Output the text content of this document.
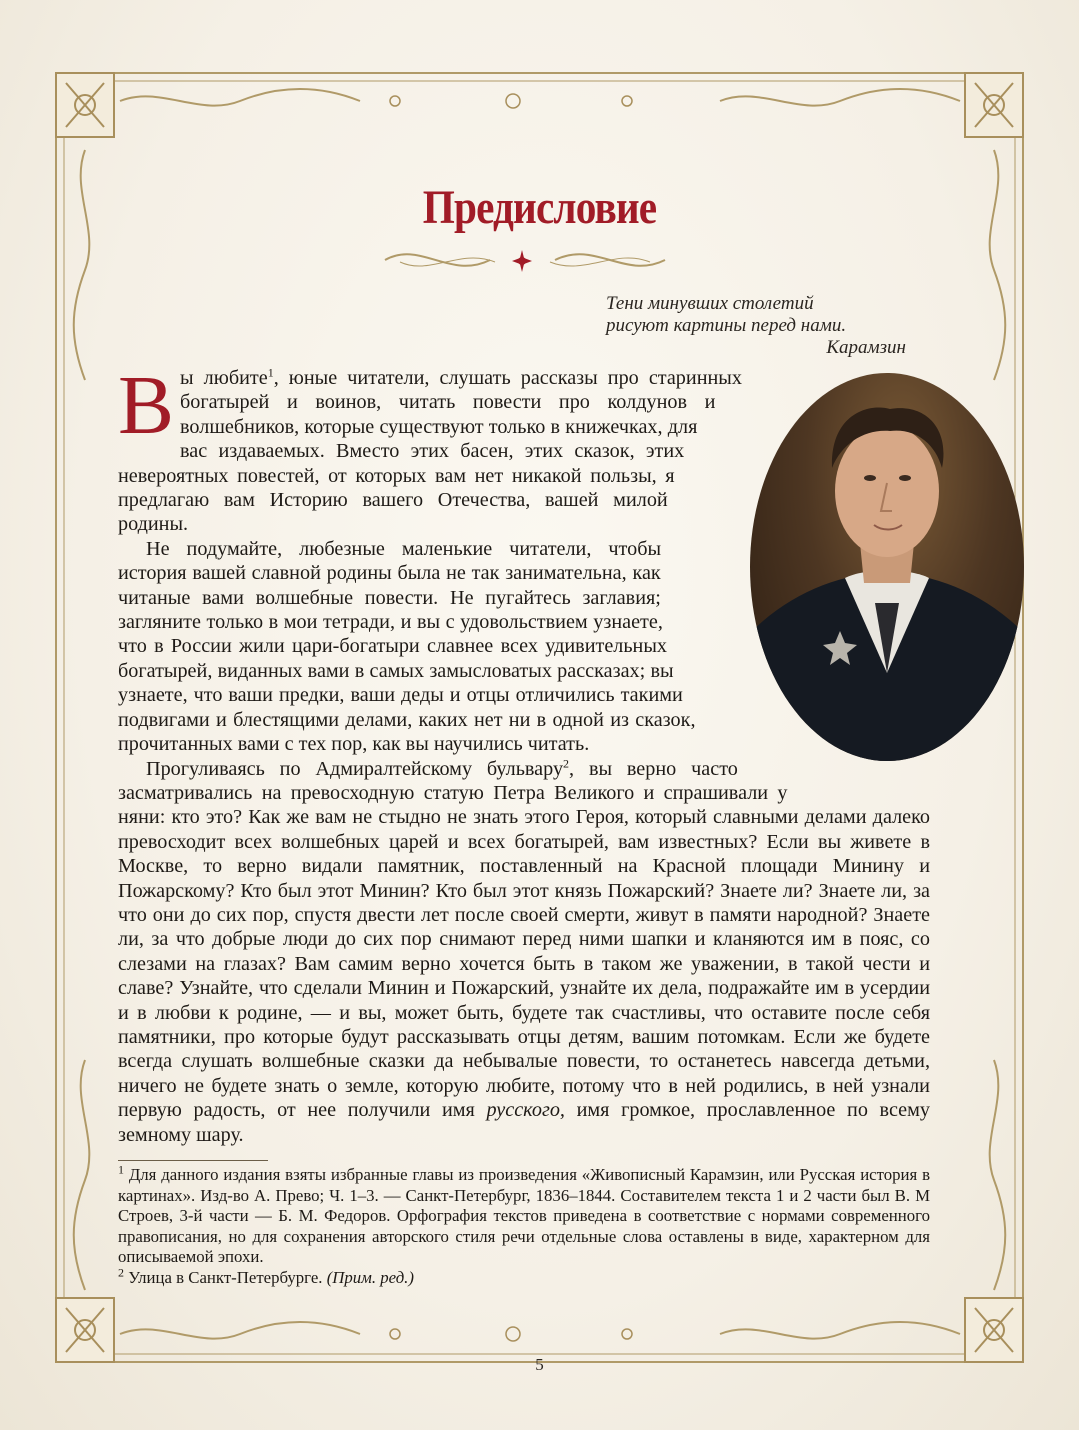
Предисловие
Тени минувших столетий
рисуют картины перед нами.
Карамзин

Вы любите$^1$, юные читатели, слушать рассказы про старинных богатырей и воинов, читать повести про колдунов и волшебников, которые существуют только в книжечках, для вас издаваемых. Вместо этих басен, этих сказок, этих невероятных повестей, от которых вам нет никакой пользы, я предлагаю вам Историю вашего Отечества, вашей милой родины.

Не подумайте, любезные маленькие читатели, чтобы история вашей славной родины была не так занимательна, как читаные вами волшебные повести. Не пугайтесь заглавия; загляните только в мои тетради, и вы с удовольствием узнаете, что в России жили цари-богатыри славнее всех удивительных богатырей, виданных вами в самых замысловатых рассказах; вы узнаете, что ваши предки, ваши деды и отцы отличились такими подвигами и блестящими делами, каких нет ни в одной из сказок, прочитанных вами с тех пор, как вы научились читать.

Прогуливаясь по Адмиралтейскому бульвару$^2$, вы верно часто засматривались на превосходную статую Петра Великого и спрашивали у няни: кто это? Как же вам не стыдно не знать этого Героя, который славными делами далеко превосходит всех волшебных царей и всех богатырей, вам известных? Если вы живете в Москве, то верно видали памятник, поставленный на Красной площади Минину и Пожарскому? Кто был этот Минин? Кто был этот князь Пожарский? Знаете ли? Знаете ли, за что они до сих пор, спустя двести лет после своей смерти, живут в памяти народной? Знаете ли, за что добрые люди до сих пор снимают перед ними шапки и кланяются им в пояс, со слезами на глазах? Вам самим верно хочется быть в таком же уважении, в такой чести и славе? Узнайте, что сделали Минин и Пожарский, узнайте их дела, подражайте им в усердии и в любви к родине, — и вы, может быть, будете так счастливы, что оставите после себя памятники, про которые будут рассказывать отцы детям, вашим потомкам. Если же будете всегда слушать волшебные сказки да небывалые повести, то останетесь навсегда детьми, ничего не будете знать о земле, которую любите, потому что в ней родились, в ней узнали первую радость, от нее получили имя русского, имя громкое, прославленное по всему земному шару.

$^1$ Для данного издания взяты избранные главы из произведения «Живописный Карамзин, или Русская история в картинах». Изд-во А. Прево; Ч. 1–3. — Санкт-Петербург, 1836–1844. Составителем текста 1 и 2 части был В. М Строев, 3-й части — Б. М. Федоров. Орфография текстов приведена в соответствие с нормами современного правописания, но для сохранения авторского стиля речи отдельные слова оставлены в виде, характерном для описываемой эпохи.

$^2$ Улица в Санкт-Петербурге. (Прим. ред.)

5
